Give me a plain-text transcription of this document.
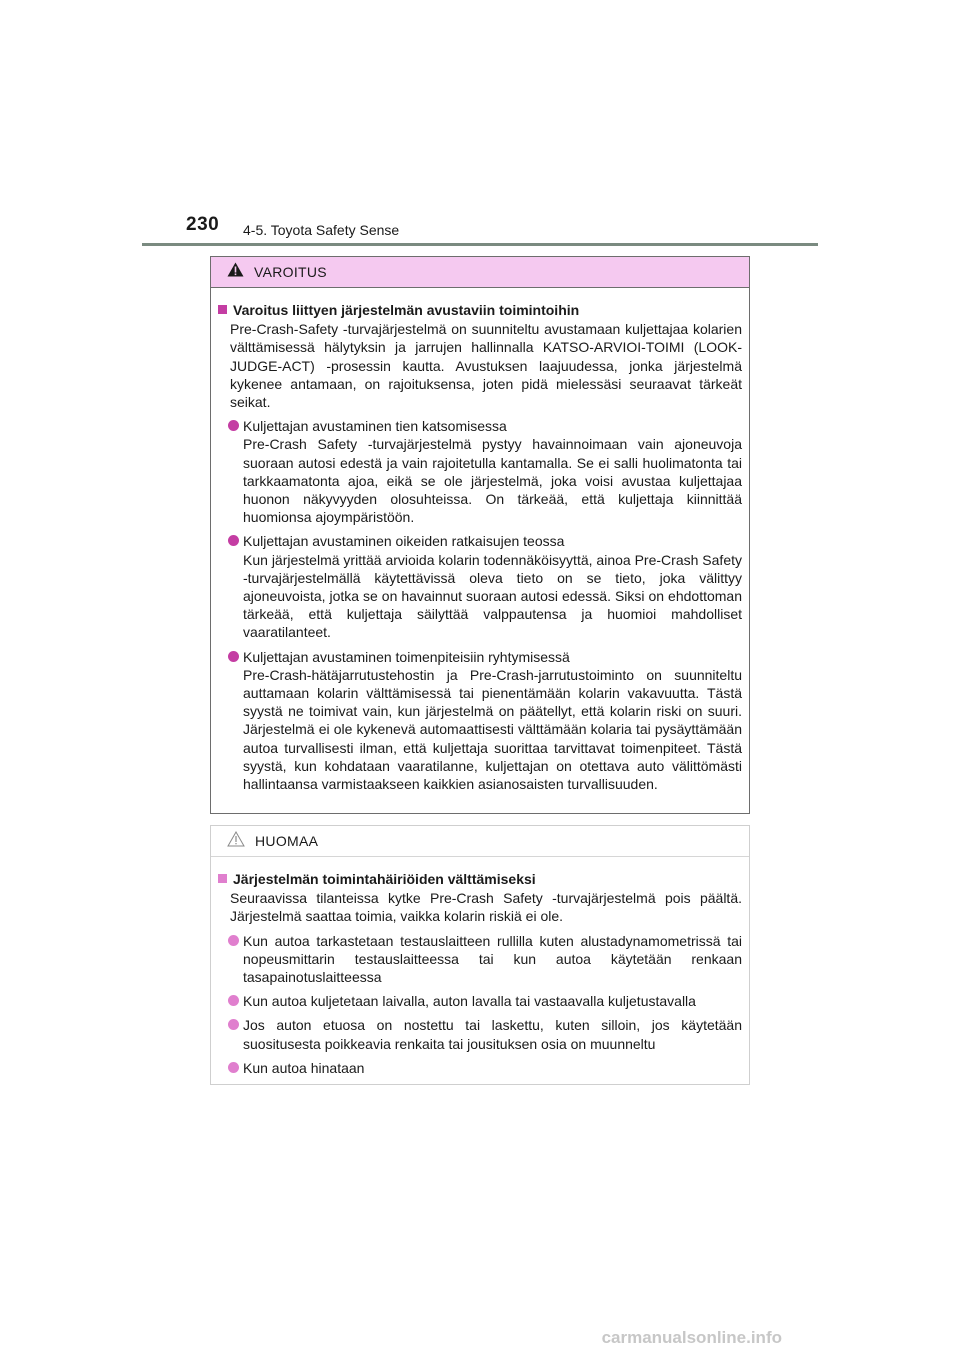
230 4-5. Toyota Safety Sense
VAROITUS
Varoitus liittyen järjestelmän avustaviin toimintoihin
Pre-Crash-Safety -turvajärjestelmä on suunniteltu avustamaan kuljettajaa kolarien välttämisessä hälytyksin ja jarrujen hallinnalla KATSO-ARVIOI-TOIMI (LOOK-JUDGE-ACT) -prosessin kautta. Avustuksen laajuudessa, jonka järjestelmä kykenee antamaan, on rajoituksensa, joten pidä mielessäsi seuraavat tärkeät seikat.
Kuljettajan avustaminen tien katsomisessa
Pre-Crash Safety -turvajärjestelmä pystyy havainnoimaan vain ajoneuvoja suoraan autosi edestä ja vain rajoitetulla kantamalla. Se ei salli huolimatonta tai tarkkaamatonta ajoa, eikä se ole järjestelmä, joka voisi avustaa kuljettajaa huonon näkyvyyden olosuhteissa. On tärkeää, että kuljettaja kiinnittää huomionsa ajoympäristöön.
Kuljettajan avustaminen oikeiden ratkaisujen teossa
Kun järjestelmä yrittää arvioida kolarin todennäköisyyttä, ainoa Pre-Crash Safety -turvajärjestelmällä käytettävissä oleva tieto on se tieto, joka välittyy ajoneuvoista, jotka se on havainnut suoraan autosi edessä. Siksi on ehdottoman tärkeää, että kuljettaja säilyttää valppautensa ja huomioi mahdolliset vaaratilanteet.
Kuljettajan avustaminen toimenpiteisiin ryhtymisessä
Pre-Crash-hätäjarrutustehostin ja Pre-Crash-jarrutustoiminto on suunniteltu auttamaan kolarin välttämisessä tai pienentämään kolarin vakavuutta. Tästä syystä ne toimivat vain, kun järjestelmä on päätellyt, että kolarin riski on suuri. Järjestelmä ei ole kykenevä automaattisesti välttämään kolaria tai pysäyttämään autoa turvallisesti ilman, että kuljettaja suorittaa tarvittavat toimenpiteet. Tästä syystä, kun kohdataan vaaratilanne, kuljettajan on otettava auto välittömästi hallintaansa varmistaakseen kaikkien asianosaisten turvallisuuden.
HUOMAA
Järjestelmän toimintahäiriöiden välttämiseksi
Seuraavissa tilanteissa kytke Pre-Crash Safety -turvajärjestelmä pois päältä. Järjestelmä saattaa toimia, vaikka kolarin riskiä ei ole.
Kun autoa tarkastetaan testauslaitteen rullilla kuten alustadynamometrissä tai nopeusmittarin testauslaitteessa tai kun autoa käytetään renkaan tasapainotuslaitteessa
Kun autoa kuljetetaan laivalla, auton lavalla tai vastaavalla kuljetustavalla
Jos auton etuosa on nostettu tai laskettu, kuten silloin, jos käytetään suositusesta poikkeavia renkaita tai jousituksen osia on muunneltu
Kun autoa hinataan
carmanualsonline.info
